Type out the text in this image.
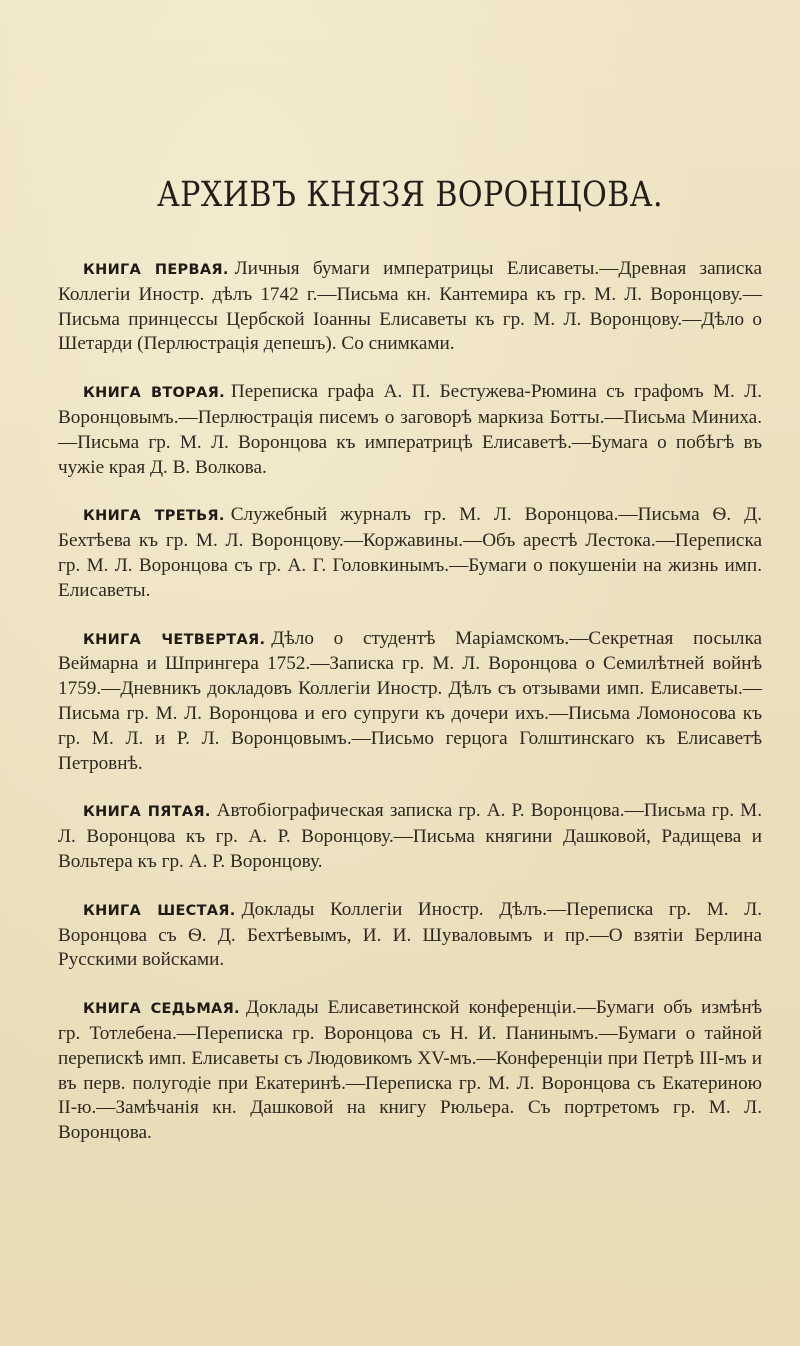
АРХИВЪ КНЯЗЯ ВОРОНЦОВА.

КНИГА ПЕРВАЯ. Личныя бумаги императрицы Елисаветы.—Древная записка Коллегіи Иностр. дѣлъ 1742 г.—Письма кн. Кантемира къ гр. М. Л. Воронцову.—Письма принцессы Цербской Іоанны Елисаветы къ гр. М. Л. Воронцову.—Дѣло о Шетарди (Перлюстрація депешъ). Со снимками.

КНИГА ВТОРАЯ. Переписка графа А. П. Бестужева-Рюмина съ графомъ М. Л. Воронцовымъ.—Перлюстрація писемъ о заговорѣ маркиза Ботты.—Письма Миниха.—Письма гр. М. Л. Воронцова къ императрицѣ Елисаветѣ.—Бумага о побѣгѣ въ чужіе края Д. В. Волкова.

КНИГА ТРЕТЬЯ. Служебный журналъ гр. М. Л. Воронцова.—Письма Ѳ. Д. Бехтѣева къ гр. М. Л. Воронцову.—Коржавины.—Объ арестѣ Лестока.—Переписка гр. М. Л. Воронцова съ гр. А. Г. Головкинымъ.—Бумаги о покушеніи на жизнь имп. Елисаветы.

КНИГА ЧЕТВЕРТАЯ. Дѣло о студентѣ Маріамскомъ.—Секретная посылка Веймарна и Шпрингера 1752.—Записка гр. М. Л. Воронцова о Семилѣтней войнѣ 1759.—Дневникъ докладовъ Коллегіи Иностр. Дѣлъ съ отзывами имп. Елисаветы.—Письма гр. М. Л. Воронцова и его супруги къ дочери ихъ.—Письма Ломоносова къ гр. М. Л. и Р. Л. Воронцовымъ.—Письмо герцога Голштинскаго къ Елисаветѣ Петровнѣ.

КНИГА ПЯТАЯ. Автобіографическая записка гр. А. Р. Воронцова.—Письма гр. М. Л. Воронцова къ гр. А. Р. Воронцову.—Письма княгини Дашковой, Радищева и Вольтера къ гр. А. Р. Воронцову.

КНИГА ШЕСТАЯ. Доклады Коллегіи Иностр. Дѣлъ.—Переписка гр. М. Л. Воронцова съ Ѳ. Д. Бехтѣевымъ, И. И. Шуваловымъ и пр.—О взятіи Берлина Русскими войсками.

КНИГА СЕДЬМАЯ. Доклады Елисаветинской конференціи.—Бумаги объ измѣнѣ гр. Тотлебена.—Переписка гр. Воронцова съ Н. И. Панинымъ.—Бумаги о тайной перепискѣ имп. Елисаветы съ Людовикомъ XV-мъ.—Конференціи при Петрѣ III-мъ и въ перв. полугодіе при Екатеринѣ.—Переписка гр. М. Л. Воронцова съ Екатериною II-ю.—Замѣчанія кн. Дашковой на книгу Рюльера. Съ портретомъ гр. М. Л. Воронцова.
